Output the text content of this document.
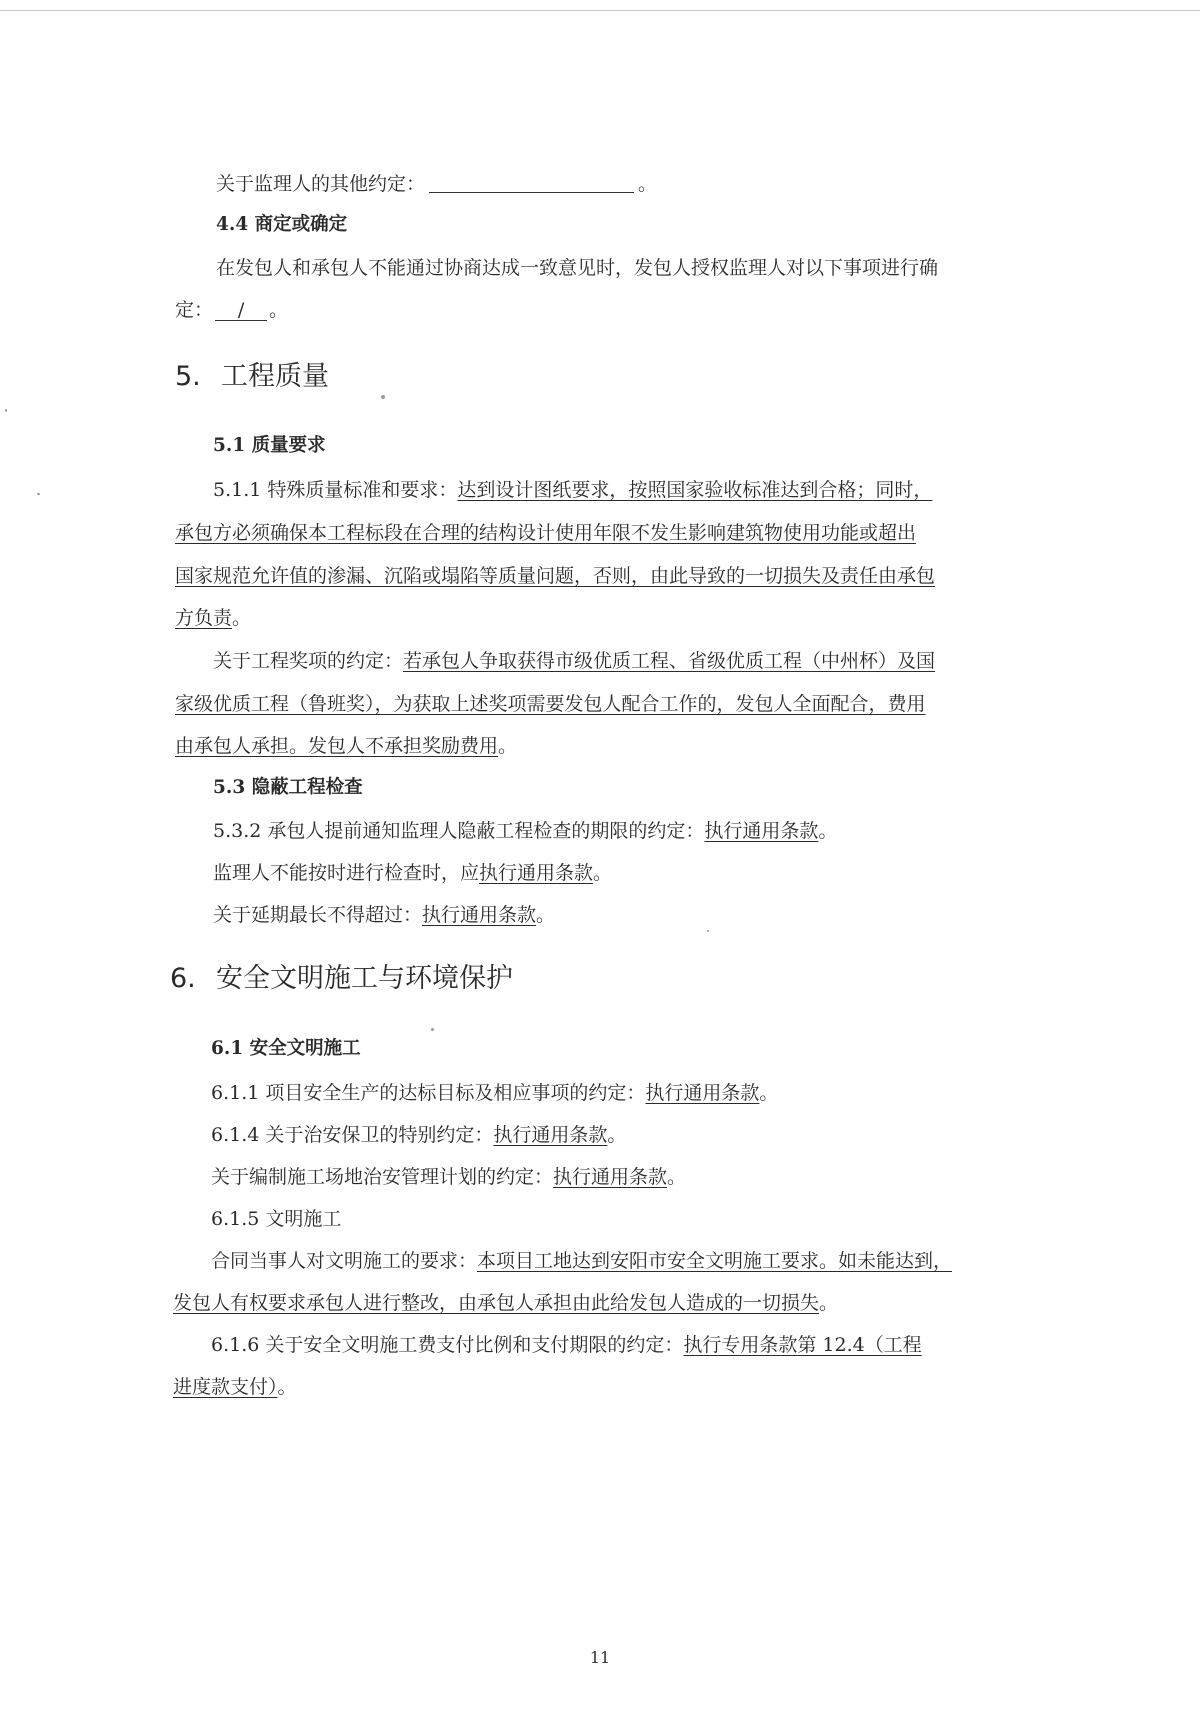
关于监理人的其他约定：	。
4.4 商定或确定
在发包人和承包人不能通过协商达成一致意见时，发包人授权监理人对以下事项进行确
定： / 。
5. 工程质量
5.1 质量要求
5.1.1 特殊质量标准和要求：达到设计图纸要求，按照国家验收标准达到合格；同时，
承包方必须确保本工程标段在合理的结构设计使用年限不发生影响建筑物使用功能或超出
国家规范允许值的渗漏、沉陷或塌陷等质量问题，否则，由此导致的一切损失及责任由承包
方负责。
关于工程奖项的约定：若承包人争取获得市级优质工程、省级优质工程（中州杯）及国
家级优质工程（鲁班奖），为获取上述奖项需要发包人配合工作的，发包人全面配合，费用
由承包人承担。发包人不承担奖励费用。
5.3 隐蔽工程检查
5.3.2 承包人提前通知监理人隐蔽工程检查的期限的约定：执行通用条款。
监理人不能按时进行检查时，应执行通用条款。
关于延期最长不得超过：执行通用条款。
6. 安全文明施工与环境保护
6.1 安全文明施工
6.1.1 项目安全生产的达标目标及相应事项的约定：执行通用条款。
6.1.4 关于治安保卫的特别约定：执行通用条款。
关于编制施工场地治安管理计划的约定：执行通用条款。
6.1.5 文明施工
合同当事人对文明施工的要求：本项目工地达到安阳市安全文明施工要求。如未能达到，
发包人有权要求承包人进行整改，由承包人承担由此给发包人造成的一切损失。
6.1.6 关于安全文明施工费支付比例和支付期限的约定：执行专用条款第 12.4（工程
进度款支付）。
11
